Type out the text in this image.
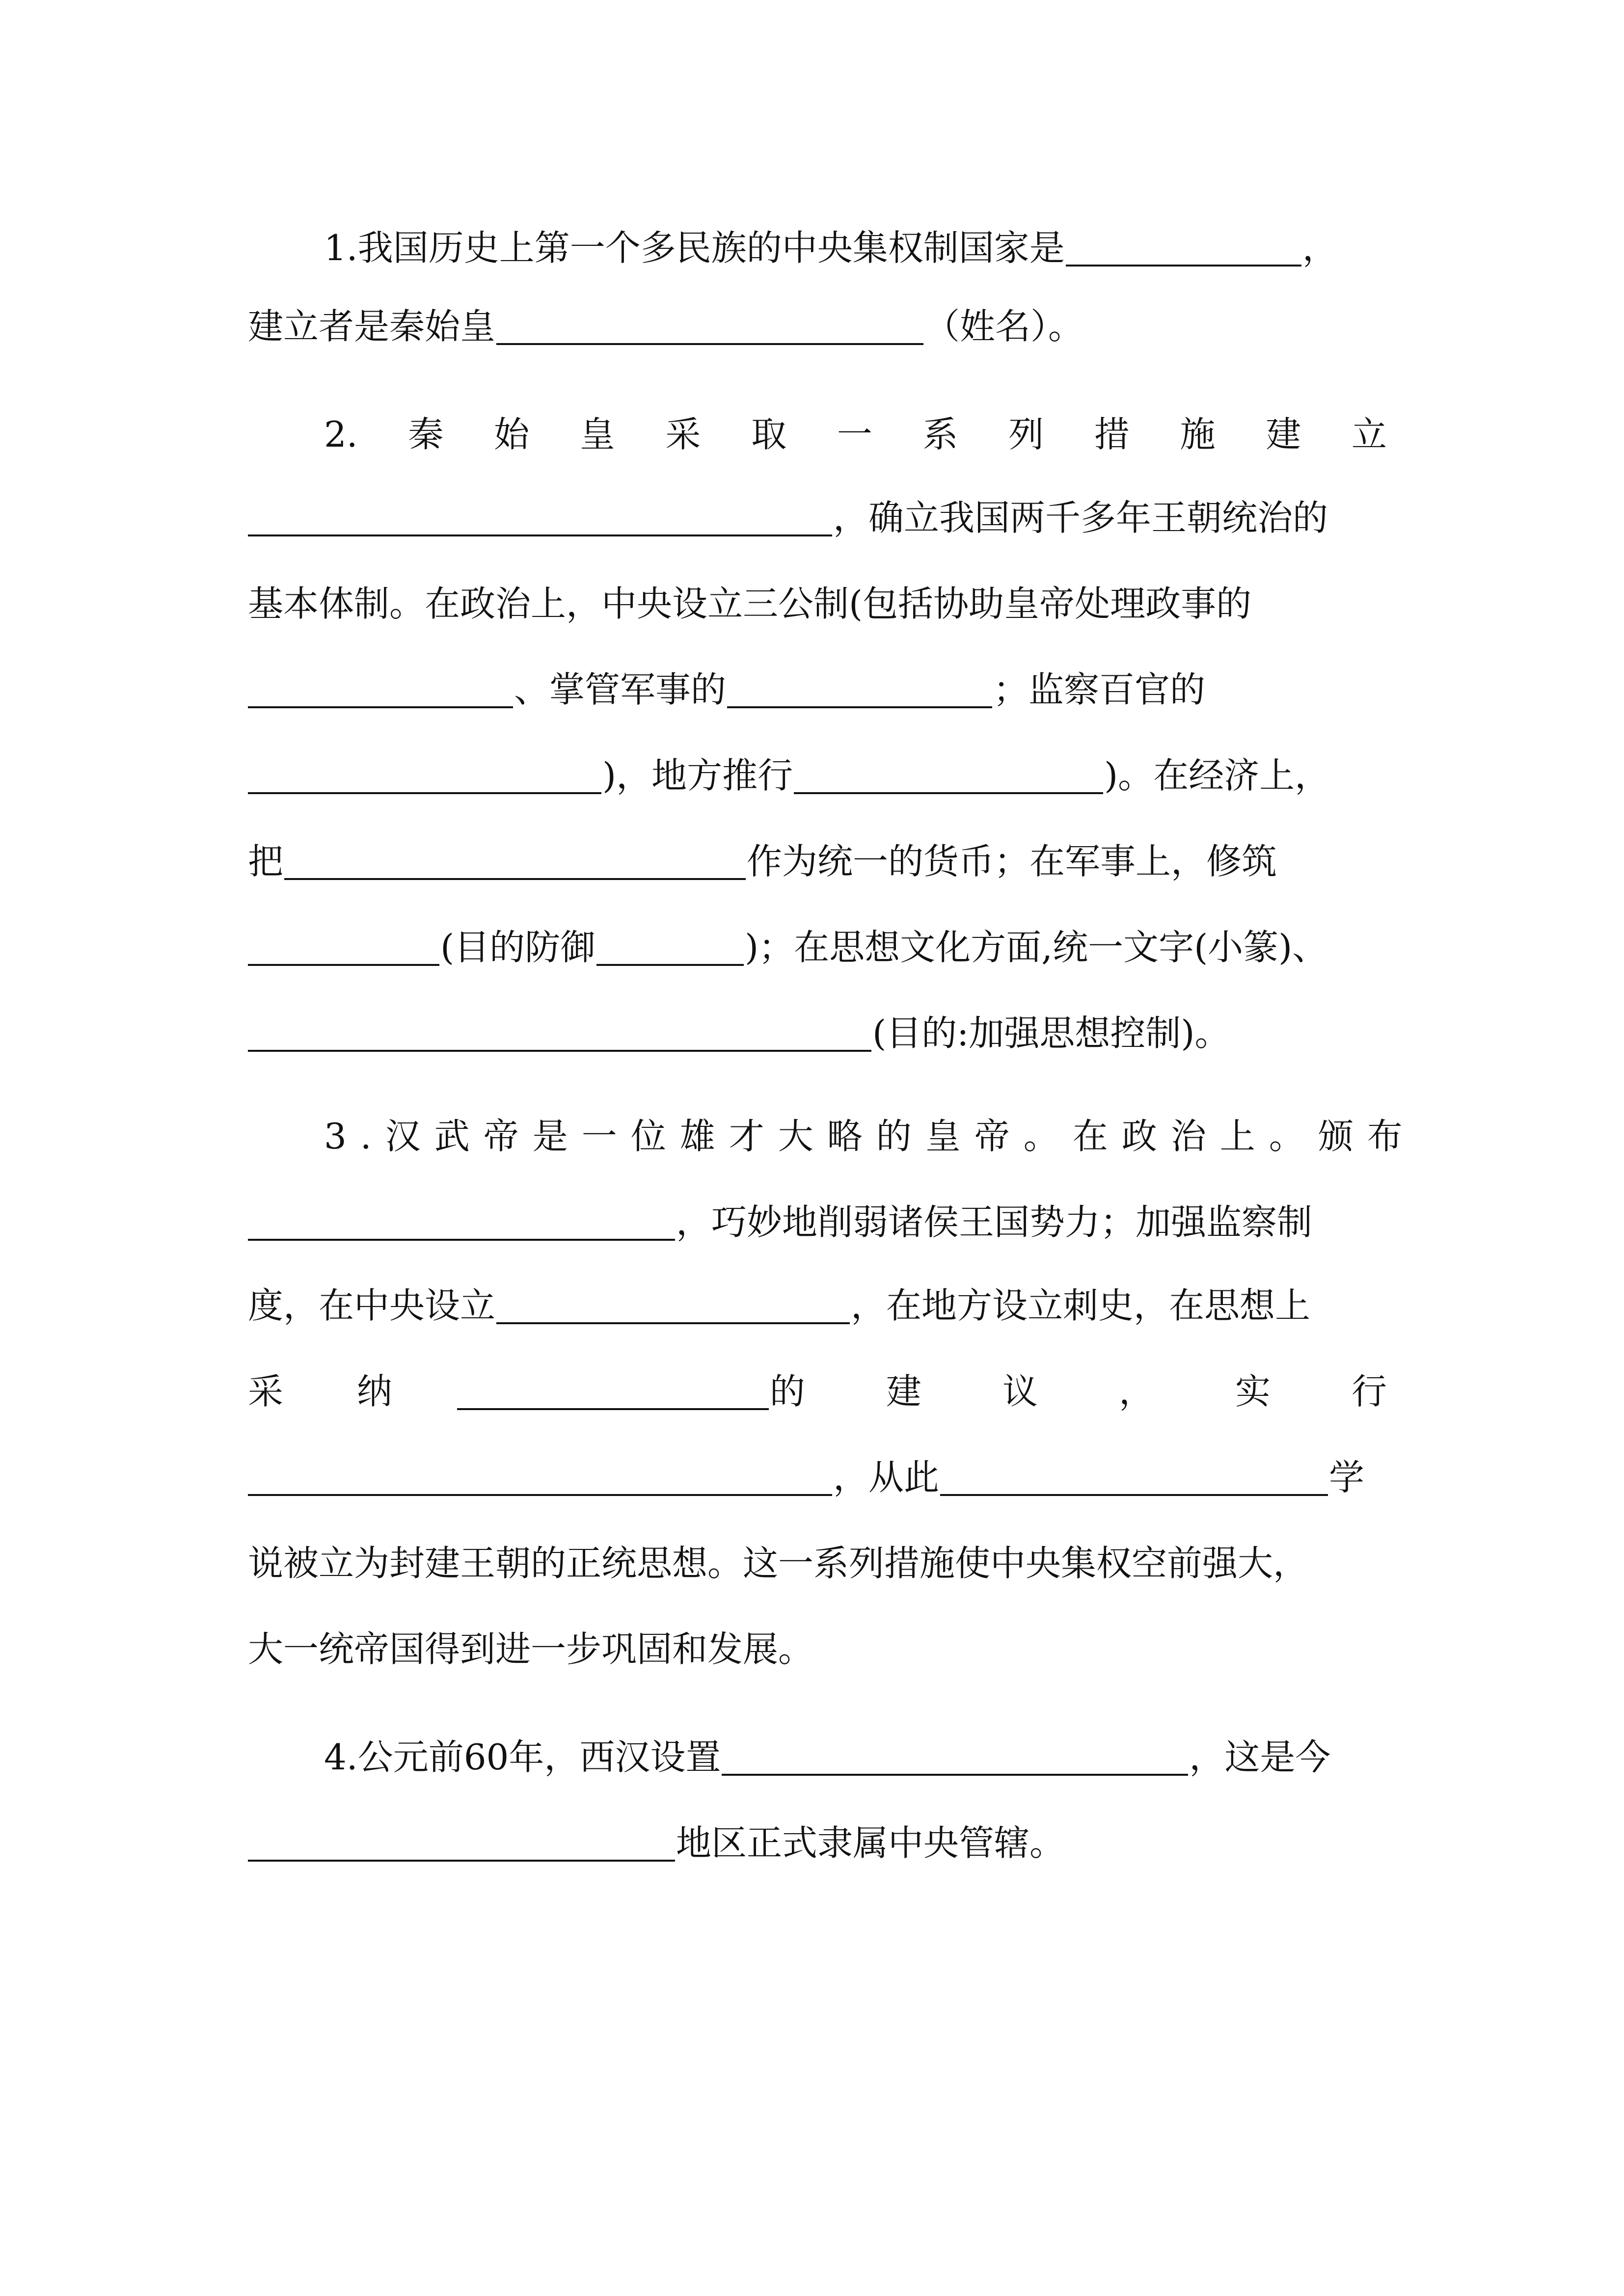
1.我国历史上第一个多民族的中央集权制国家是	，
建立者是秦始皇	（姓名）。
2. 秦 始 皇 采 取 一 系 列 措 施 建 立
，确立我国两千多年王朝统治的
基本体制。在政治上，中央设立三公制(包括协助皇帝处理政事的
、掌管军事的	；监察百官的
)，地方推行	)。在经济上，
把	作为统一的货币；在军事上，修筑
(目的防御	)；在思想文化方面,统一文字(小篆)、
(目的:加强思想控制)。
3.汉武帝是一位雄才大略的皇帝。在政治上。颁布
，巧妙地削弱诸侯王国势力；加强监察制
度，在中央设立	，在地方设立刺史，在思想上
采 纳	的 建 议 ， 实 行
，从此	学
说被立为封建王朝的正统思想。这一系列措施使中央集权空前强大，
大一统帝国得到进一步巩固和发展。
4.公元前60年，西汉设置	，这是今
地区正式隶属中央管辖。
